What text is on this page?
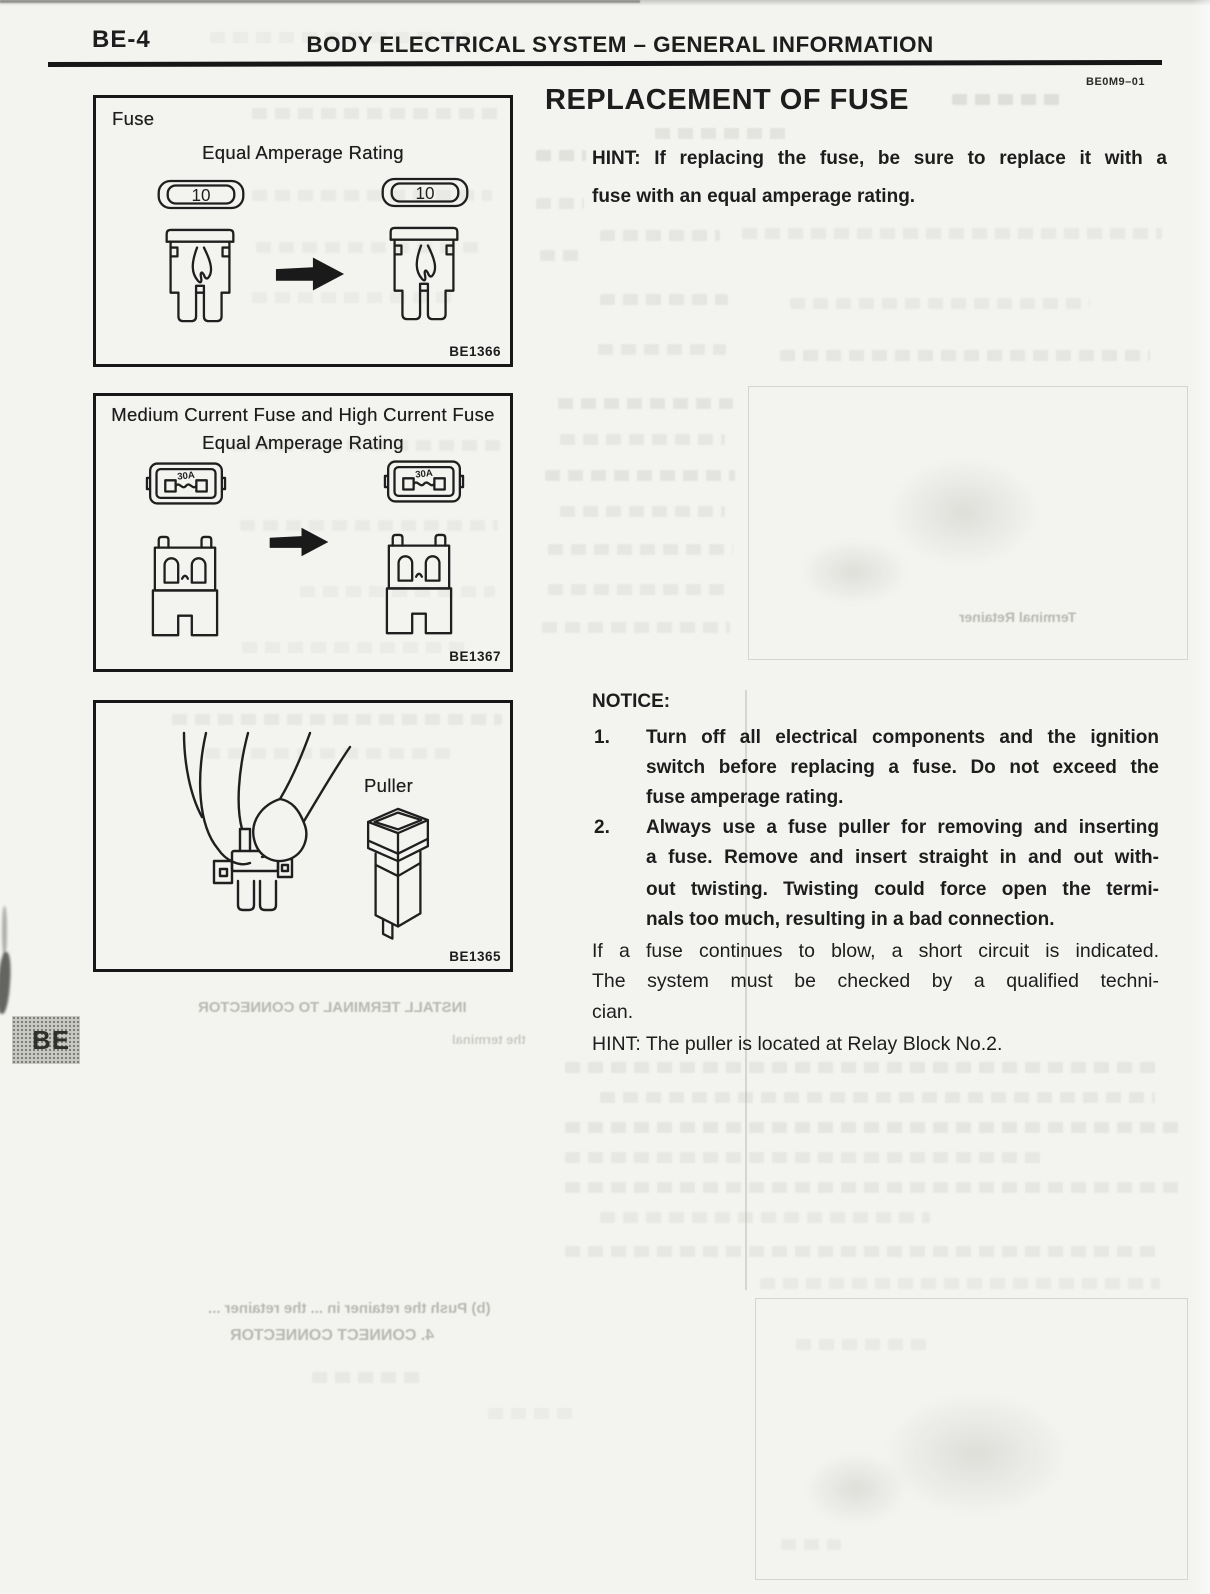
Terminal Retainer
INSTALL TERMINAL TO CONNECTOR
the terminal
(b) Push the retainer in ... the retainer ...
4. CONNECT CONNECTOR
BE-4	BODY ELECTRICAL SYSTEM – GENERAL INFORMATION
BE0M9–01
REPLACEMENT OF FUSE
HINT: If replacing the fuse, be sure to replace it with a
fuse with an equal amperage rating.
Fuse
Equal Amperage Rating
10	10
BE1366
Medium Current Fuse and High Current Fuse
Equal Amperage Rating
30A	30A
BE1367
Puller
BE1365
NOTICE:
1. Turn off all electrical components and the ignition
switch before replacing a fuse. Do not exceed the
fuse amperage rating.
2. Always use a fuse puller for removing and inserting
a fuse. Remove and insert straight in and out with-
out twisting. Twisting could force open the termi-
nals too much, resulting in a bad connection.
If a fuse continues to blow, a short circuit is indicated.
The system must be checked by a qualified techni-
cian.
HINT: The puller is located at Relay Block No.2.
BE
